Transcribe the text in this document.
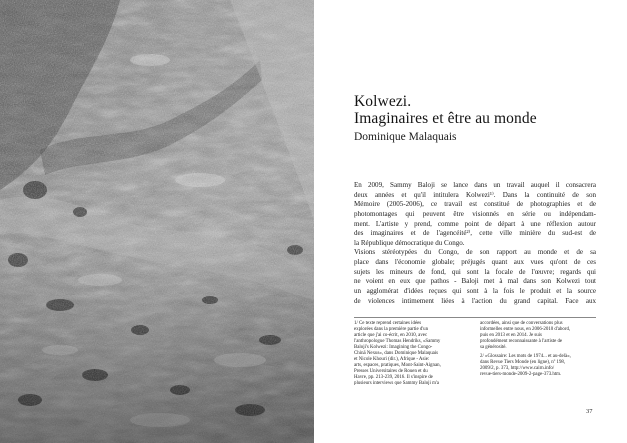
Kolwezi.
Imaginaires et être au monde
Dominique Malaquais
En 2009, Sammy Baloji se lance dans un travail auquel il consacrera
deux années et qu'il intitulera Kolwezi¹⁾. Dans la continuité de son
Mémoire (2005-2006), ce travail est constitué de photographies et de
photomontages qui peuvent être visionnés en série ou indépendam-
ment. L'artiste y prend, comme point de départ à une réflexion autour
des imaginaires et de l'agencéité²⁾, cette ville minière du sud-est de
la République démocratique du Congo.
Visions stéréotypées du Congo, de son rapport au monde et de sa
place dans l'économie globale; préjugés quant aux vues qu'ont de ces
sujets les mineurs de fond, qui sont la focale de l'œuvre; regards qui
ne voient en eux que pathos - Baloji met à mal dans son Kolwezi tout
un agglomérat d'idées reçues qui sont à la fois le produit et la source
de violences intimement liées à l'action du grand capital. Face aux
1/ Ce texte reprend certaines idées
explorées dans la première partie d'un
article que j'ai co-écrit, en 2010, avec
l'anthropologue Thomas Hendriks, «Sammy
Baloji's Kolwezi: Imagining the Congo-
Chinā Nexus», dans Dominique Malaquais
et Nicole Khouri (dir.), Afrique - Asie:
arts, espaces, pratiques, Mont-Saint-Aignan,
Presses Universitaires de Rouen et du
Havre, pp. 213-239, 2016. Il s'inspire de
plusieurs interviews que Sammy Baloji m'a
accordées, ainsi que de conversations plus
informelles entre nous, en 2006-2010 d'abord,
puis en 2013 et en 2014. Je suis
profondément reconnaissante à l'artiste de
sa générosité.
2/ «Glossaire: Les mots de 1974... et au-delà»,
dans Revue Tiers Monde (en ligne), nº 198,
2009/2, p. 373, http://www.cairn.info/
revue-tiers-monde-2009-2-page-373.htm.
37
